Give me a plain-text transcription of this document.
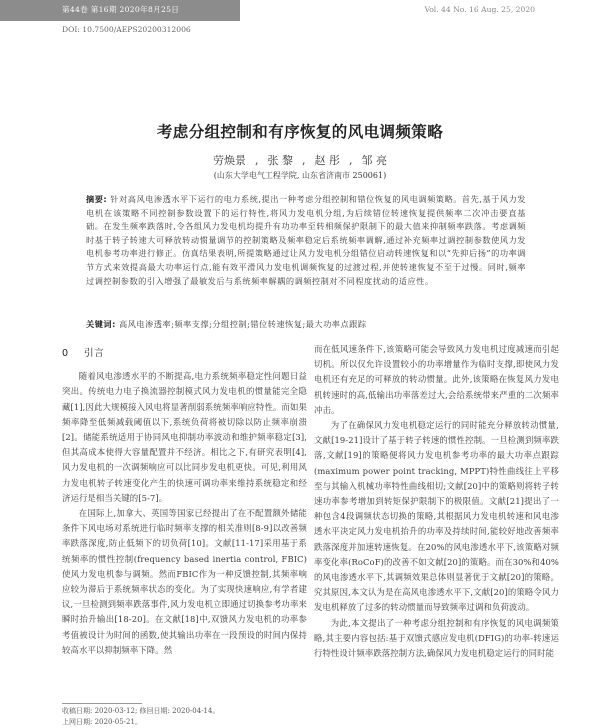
第44卷 第16期 2020年8月25日	Vol. 44 No. 16 Aug. 25, 2020
DOI: 10.7500/AEPS20200312006
考虑分组控制和有序恢复的风电调频策略
劳焕景 , 张 黎 , 赵 彤 , 邹 亮
(山东大学电气工程学院, 山东省济南市 250061)
摘要: 针对高风电渗透水平下运行的电力系统,提出一种考虑分组控制和错位恢复的风电调频策略。首先,基于风力发电机在该策略不同控制参数设置下的运行特性,将风力发电机分组,为后续错位转速恢复提供频率二次冲击要直基础。在发生频率跌落时,令各组风力发电机均提升有功功率至转相频保护限制下的最大值来抑制频率跌落。考虑调频时基于转子转速大可释放转动惯量调节的控制策略及频率稳定后系统频率调解,通过补充频率过调控制参数使风力发电机参考功率进行修正。仿真结果表明,所提策略通过让风力发电机分组错位启动转速恢复和以“先抑后扬”的功率调节方式来效提高最大功率运行点,能有效平滑风力发电机调频恢复的过渡过程,并使转速恢复不至于过慢。同时,频率过调控制参数的引入增强了最敏发后与系统频率解耦的调频控制对不同程度扰动的适应性。
关键词: 高风电渗透率;频率支撑;分组控制;错位转速恢复;最大功率点跟踪
0 引言

随着风电渗透水平的不断提高,电力系统频率稳定性问题日益突出。传统电力电子换流器控制模式风力发电机的惯量能完全隐藏[1],因此大规模接入风电将显著削弱系统频率响应特性。而如果频率降至低频减载阈值以下,系统负荷将被切除以防止频率崩溃[2]。储能系统适用于协同风电抑制功率波动和维护频率稳定[3],但其高成本使得大容量配置并不经济。相比之下,有研究表明[4],风力发电机的一次调频响应可以比同步发电机更快。可见,利用风力发电机转子转速变化产生的快速可调功率来维持系统稳定和经济运行是相当关键的[5-7]。

在国际上,加拿大、英国等国家已经提出了在不配置额外储能条件下风电场对系统进行临时频率支撑的相关准则[8-9]以改善频率跌落深度,防止低频下的切负荷[10]。文献[11-17]采用基于系统频率的惯性控制(frequency based inertia control, FBIC)使风力发电机参与调频。然而FBIC作为一种反馈控制,其频率响应较为滞后于系统频率状态的变化。为了实现快速响应,有学者建议,一旦检测到频率跌落事件,风力发电机立即通过切换参考功率来瞬时抬升输出[18-20]。在文献[18]中,双馈风力发电机的功率参考值被设计为时间的函数,使其输出功率在一段预设的时间内保持较高水平以抑制频率下降。然

而在低风速条件下,该策略可能会导致风力发电机过度减速而引起切机。所以仅允许设置较小的功率增量作为临时支撑,即使风力发电机还有充足的可释放的转动惯量。此外,该策略在恢复风力发电机转速时的高,低输出功率落差过大,会给系统带来严重的二次频率冲击。

为了在确保风力发电机稳定运行的同时能充分释放转动惯量,文献[19-21]设计了基于转子转速的惯性控制。一旦检测到频率跌落,文献[19]的策略便将风力发电机参考功率的最大功率点跟踪(maximum power point tracking, MPPT)特性曲线往上平移至与其输入机械功率特性曲线相切;文献[20]中的策略则将转子转速功率参考增加到转矩保护限制下的极限值。文献[21]提出了一种包含4段调频状态切换的策略,其根据风力发电机转速和风电渗透水平决定风力发电机抬升的功率及持续时间,能较好地改善频率跌落深度并加速转速恢复。在20%的风电渗透水平下,该策略对频率变化率(RoCoF)的改善不如文献[20]的策略。而在30%和40%的风电渗透水平下,其调频效果总体则显著优于文献[20]的策略。究其原因,本文认为是在高风电渗透水平下,文献[20]的策略令风力发电机释放了过多的转动惯量而导致频率过调和负荷波动。

为此,本文提出了一种考虑分组控制和有序恢复的风电调频策略,其主要内容包括:基于双馈式感应发电机(DFIG)的功率-转速运行特性设计频率跌落控制方法,确保风力发电机稳定运行的同时能

收稿日期: 2020-03-12; 修回日期: 2020-04-14。
上网日期: 2020-05-21。
